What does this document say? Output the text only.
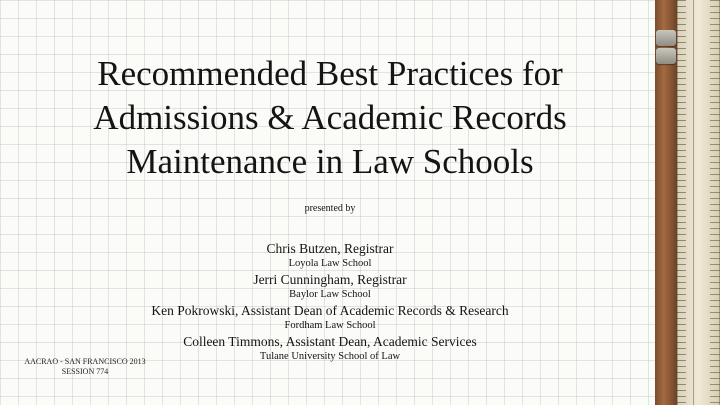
Recommended Best Practices for
Admissions & Academic Records
Maintenance in Law Schools
presented by
Chris Butzen, Registrar
Loyola Law School
Jerri Cunningham, Registrar
Baylor Law School
Ken Pokrowski, Assistant Dean of Academic Records & Research
Fordham Law School
Colleen Timmons, Assistant Dean, Academic Services
Tulane University School of Law
AACRAO - SAN FRANCISCO 2013
SESSION 774
